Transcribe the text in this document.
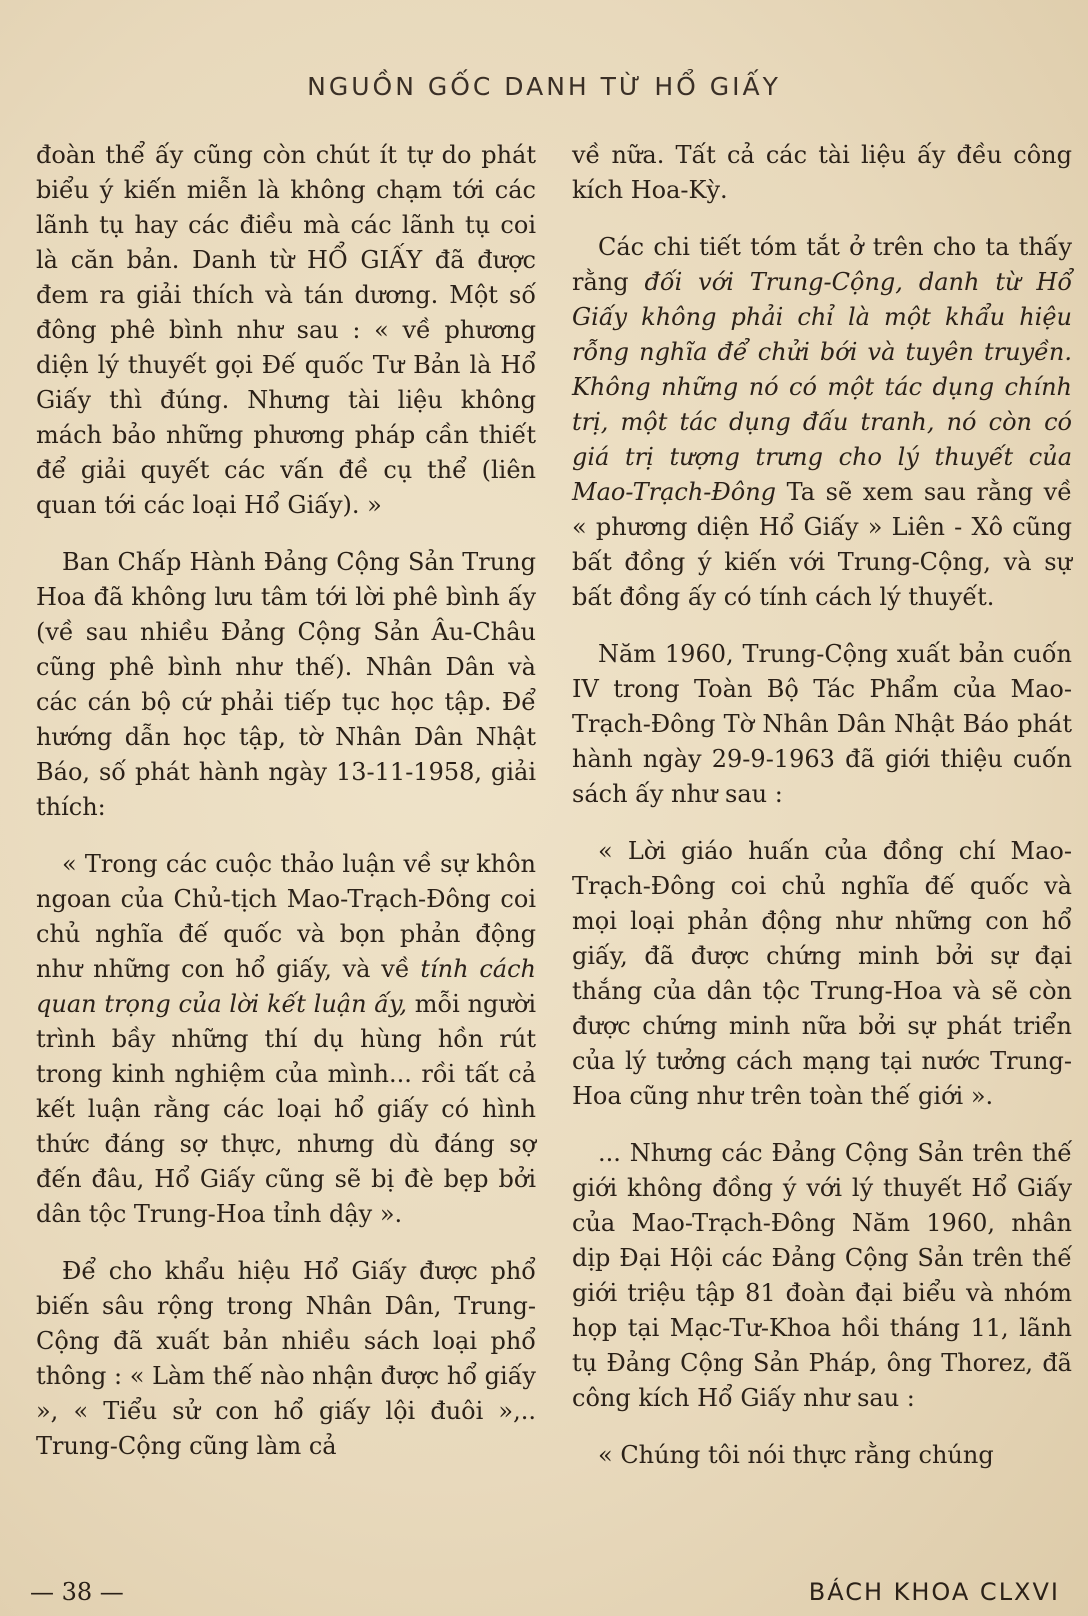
NGUỒN GỐC DANH TỪ HỔ GIẤY

đoàn thể ấy cũng còn chút ít tự do phát biểu ý kiến miễn là không chạm tới các lãnh tụ hay các điều mà các lãnh tụ coi là căn bản. Danh từ HỔ GIẤY đã được đem ra giải thích và tán dương. Một số đông phê bình như sau : « về phương diện lý thuyết gọi Đế quốc Tư Bản là Hổ Giấy thì đúng. Nhưng tài liệu không mách bảo những phương pháp cần thiết để giải quyết các vấn đề cụ thể (liên quan tới các loại Hổ Giấy). »

Ban Chấp Hành Đảng Cộng Sản Trung Hoa đã không lưu tâm tới lời phê bình ấy (về sau nhiều Đảng Cộng Sản Âu-Châu cũng phê bình như thế). Nhân Dân và các cán bộ cứ phải tiếp tục học tập. Để hướng dẫn học tập, tờ Nhân Dân Nhật Báo, số phát hành ngày 13-11-1958, giải thích:

« Trong các cuộc thảo luận về sự khôn ngoan của Chủ-tịch Mao-Trạch-Đông coi chủ nghĩa đế quốc và bọn phản động như những con hổ giấy, và về tính cách quan trọng của lời kết luận ấy, mỗi người trình bầy những thí dụ hùng hồn rút trong kinh nghiệm của mình... rồi tất cả kết luận rằng các loại hổ giấy có hình thức đáng sợ thực, nhưng dù đáng sợ đến đâu, Hổ Giấy cũng sẽ bị đè bẹp bởi dân tộc Trung-Hoa tỉnh dậy ».

Để cho khẩu hiệu Hổ Giấy được phổ biến sâu rộng trong Nhân Dân, Trung-Cộng đã xuất bản nhiều sách loại phổ thông : « Làm thế nào nhận được hổ giấy », « Tiểu sử con hổ giấy lội đuôi »,.. Trung-Cộng cũng làm cả

về nữa. Tất cả các tài liệu ấy đều công kích Hoa-Kỳ.

Các chi tiết tóm tắt ở trên cho ta thấy rằng đối với Trung-Cộng, danh từ Hổ Giấy không phải chỉ là một khẩu hiệu rỗng nghĩa để chửi bới và tuyên truyền. Không những nó có một tác dụng chính trị, một tác dụng đấu tranh, nó còn có giá trị tượng trưng cho lý thuyết của Mao-Trạch-Đông Ta sẽ xem sau rằng về « phương diện Hổ Giấy » Liên - Xô cũng bất đồng ý kiến với Trung-Cộng, và sự bất đồng ấy có tính cách lý thuyết.

Năm 1960, Trung-Cộng xuất bản cuốn IV trong Toàn Bộ Tác Phẩm của Mao-Trạch-Đông Tờ Nhân Dân Nhật Báo phát hành ngày 29-9-1963 đã giới thiệu cuốn sách ấy như sau :

« Lời giáo huấn của đồng chí Mao-Trạch-Đông coi chủ nghĩa đế quốc và mọi loại phản động như những con hổ giấy, đã được chứng minh bởi sự đại thắng của dân tộc Trung-Hoa và sẽ còn được chứng minh nữa bởi sự phát triển của lý tưởng cách mạng tại nước Trung-Hoa cũng như trên toàn thế giới ».

... Nhưng các Đảng Cộng Sản trên thế giới không đồng ý với lý thuyết Hổ Giấy của Mao-Trạch-Đông Năm 1960, nhân dịp Đại Hội các Đảng Cộng Sản trên thế giới triệu tập 81 đoàn đại biểu và nhóm họp tại Mạc-Tư-Khoa hồi tháng 11, lãnh tụ Đảng Cộng Sản Pháp, ông Thorez, đã công kích Hổ Giấy như sau :

« Chúng tôi nói thực rằng chúng

— 38 —	BÁCH KHOA CLXVI
